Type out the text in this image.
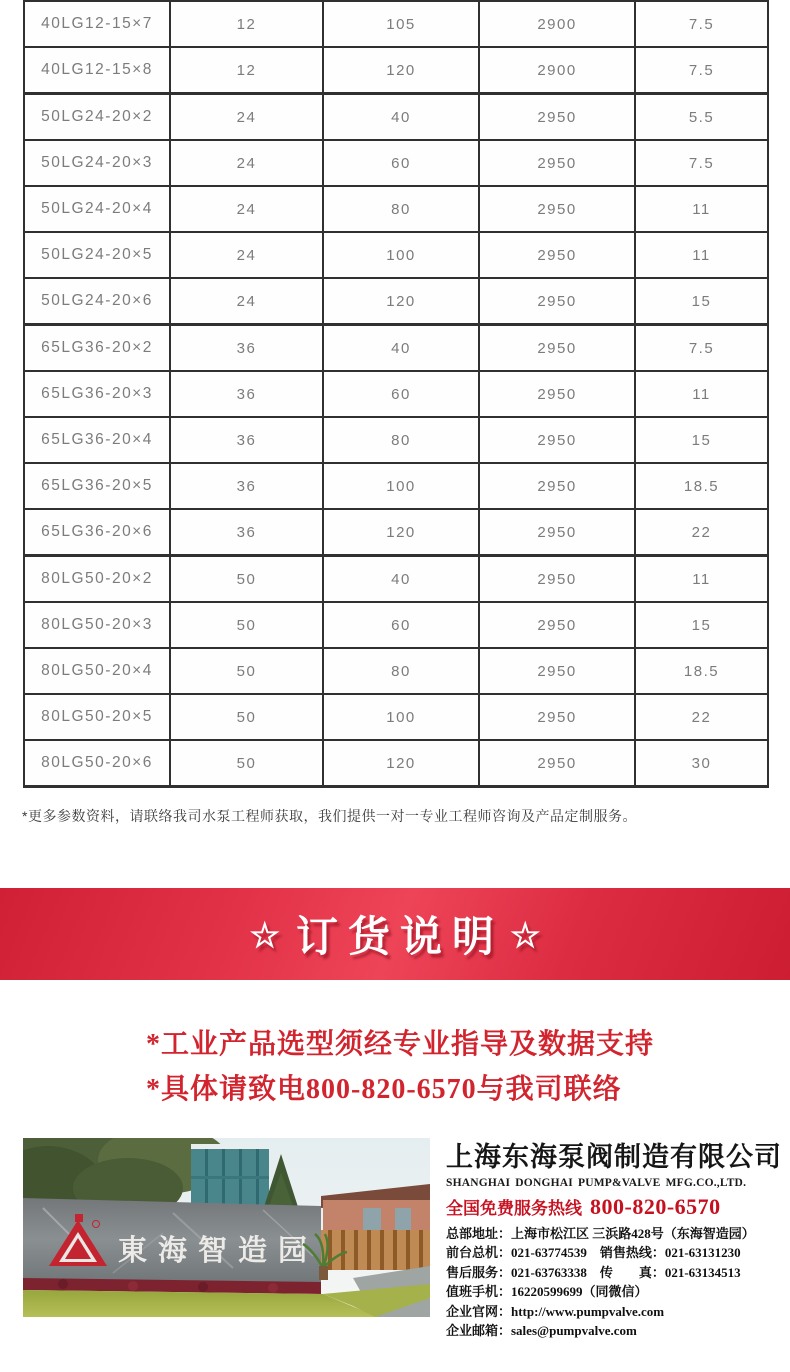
40LG12-15×7	12	105	2900	7.5
40LG12-15×8	12	120	2900	7.5
50LG24-20×2	24	40	2950	5.5
50LG24-20×3	24	60	2950	7.5
50LG24-20×4	24	80	2950	11
50LG24-20×5	24	100	2950	11
50LG24-20×6	24	120	2950	15
65LG36-20×2	36	40	2950	7.5
65LG36-20×3	36	60	2950	11
65LG36-20×4	36	80	2950	15
65LG36-20×5	36	100	2950	18.5
65LG36-20×6	36	120	2950	22
80LG50-20×2	50	40	2950	11
80LG50-20×3	50	60	2950	15
80LG50-20×4	50	80	2950	18.5
80LG50-20×5	50	100	2950	22
80LG50-20×6	50	120	2950	30
*更多参数资料，请联络我司水泵工程师获取，我们提供一对一专业工程师咨询及产品定制服务。
☆ 订货说明 ☆
*工业产品选型须经专业指导及数据支持
*具体请致电800-820-6570与我司联络
東海智造园
上海东海泵阀制造有限公司
SHANGHAI DONGHAI PUMP&VALVE MFG.CO.,LTD.
全国免费服务热线 800-820-6570
总部地址：上海市松江区 三浜路428号（东海智造园）
前台总机：021-63774539　销售热线：021-63131230
售后服务：021-63763338　传　　真：021-63134513
值班手机：16220599699（同微信）
企业官网：http://www.pumpvalve.com
企业邮箱：sales@pumpvalve.com
